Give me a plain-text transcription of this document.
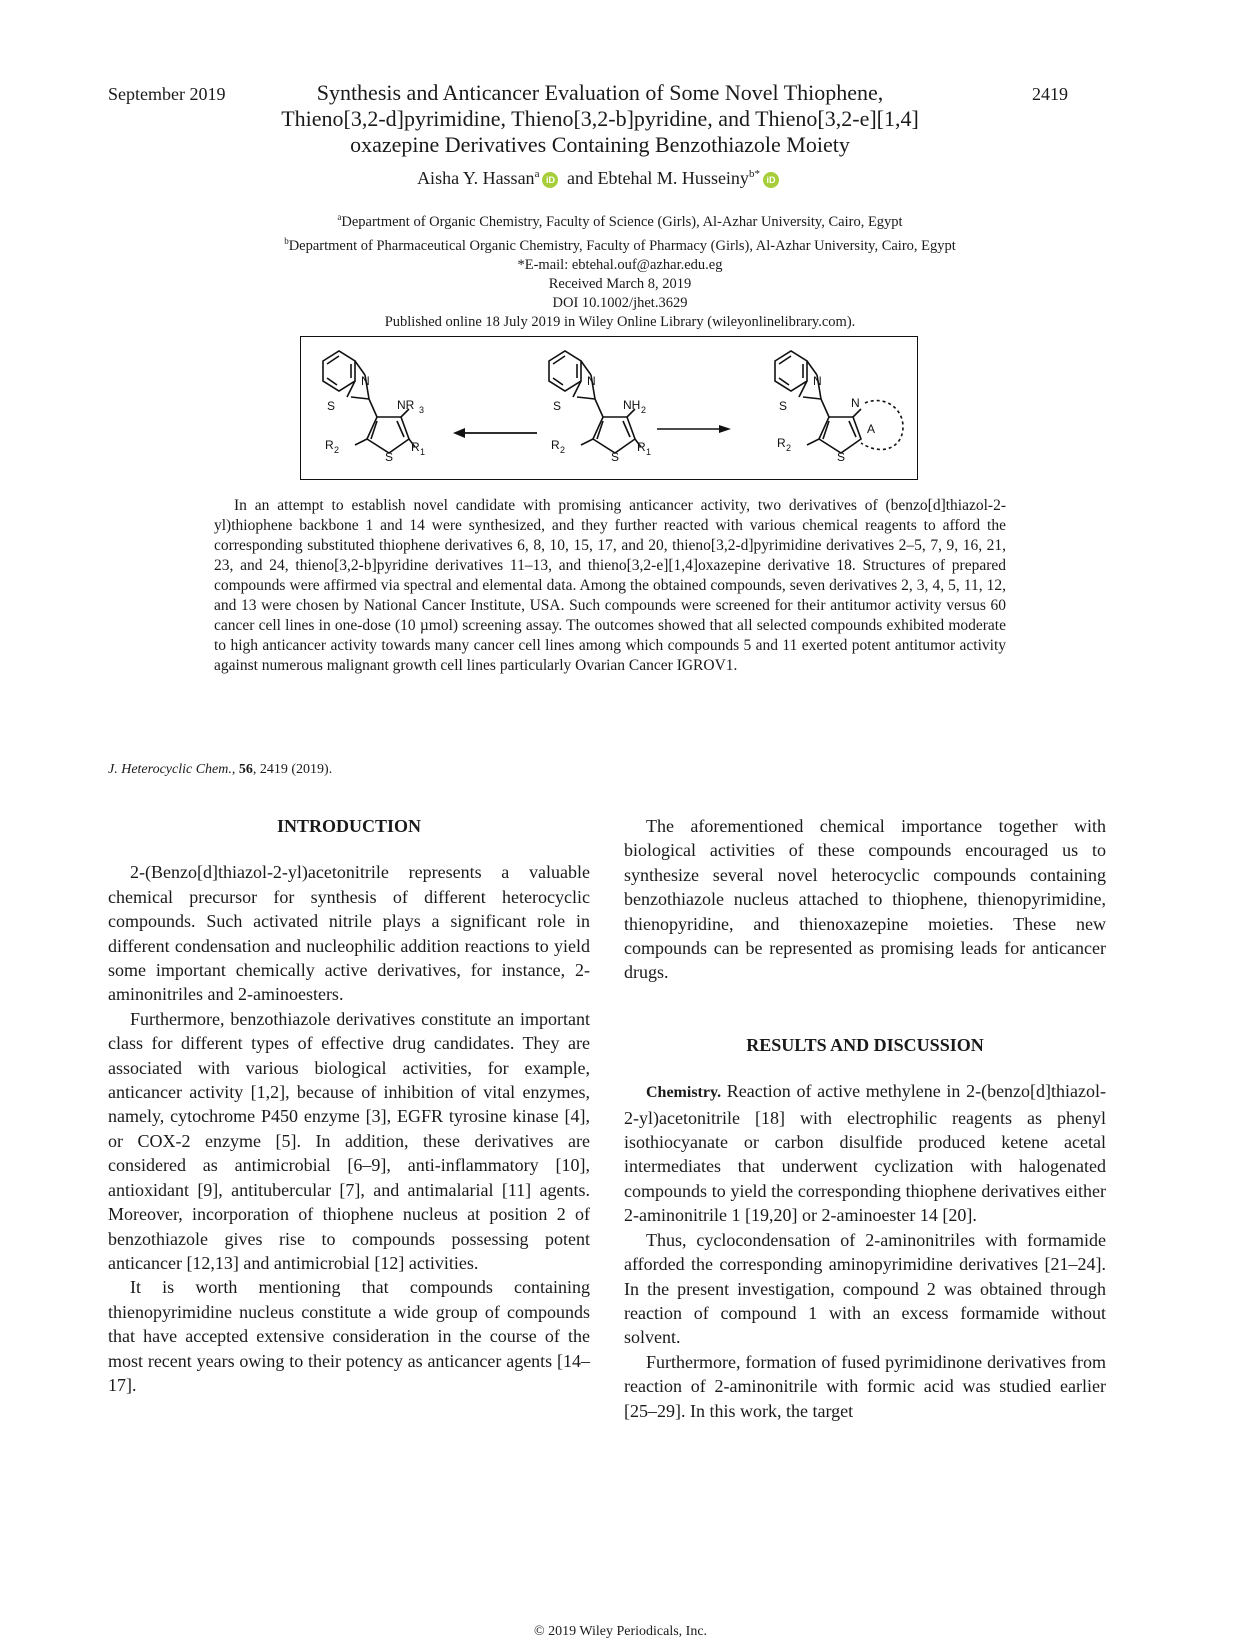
September 2019	2419
Synthesis and Anticancer Evaluation of Some Novel Thiophene,
Thieno[3,2-d]pyrimidine, Thieno[3,2-b]pyridine, and Thieno[3,2-e][1,4]
oxazepine Derivatives Containing Benzothiazole Moiety
Aisha Y. Hassan$^a$ iD and Ebtehal M. Husseiny$^{b*}$ iD
$^a$Department of Organic Chemistry, Faculty of Science (Girls), Al-Azhar University, Cairo, Egypt
$^b$Department of Pharmaceutical Organic Chemistry, Faculty of Pharmacy (Girls), Al-Azhar University, Cairo, Egypt
*E-mail: ebtehal.ouf@azhar.edu.eg
Received March 8, 2019
DOI 10.1002/jhet.3629
Published online 18 July 2019 in Wiley Online Library (wileyonlinelibrary.com).
N
S	NR 3
R 2	S
R 1
N
S	NH 2
R 2	S
R 1
N
S	N
R 2
S
A

In an attempt to establish novel candidate with promising anticancer activity, two derivatives of (benzo[d]thiazol-2-yl)thiophene backbone 1 and 14 were synthesized, and they further reacted with various chemical reagents to afford the corresponding substituted thiophene derivatives 6, 8, 10, 15, 17, and 20, thieno[3,2-d]pyrimidine derivatives 2–5, 7, 9, 16, 21, 23, and 24, thieno[3,2-b]pyridine derivatives 11–13, and thieno[3,2-e][1,4]oxazepine derivative 18. Structures of prepared compounds were affirmed via spectral and elemental data. Among the obtained compounds, seven derivatives 2, 3, 4, 5, 11, 12, and 13 were chosen by National Cancer Institute, USA. Such compounds were screened for their antitumor activity versus 60 cancer cell lines in one-dose (10 µmol) screening assay. The outcomes showed that all selected compounds exhibited moderate to high anticancer activity towards many cancer cell lines among which compounds 5 and 11 exerted potent antitumor activity against numerous malignant growth cell lines particularly Ovarian Cancer IGROV1.

J. Heterocyclic Chem., 56, 2419 (2019).
INTRODUCTION

2-(Benzo[d]thiazol-2-yl)acetonitrile represents a valuable chemical precursor for synthesis of different heterocyclic compounds. Such activated nitrile plays a significant role in different condensation and nucleophilic addition reactions to yield some important chemically active derivatives, for instance, 2-aminonitriles and 2-aminoesters.

Furthermore, benzothiazole derivatives constitute an important class for different types of effective drug candidates. They are associated with various biological activities, for example, anticancer activity [1,2], because of inhibition of vital enzymes, namely, cytochrome P450 enzyme [3], EGFR tyrosine kinase [4], or COX-2 enzyme [5]. In addition, these derivatives are considered as antimicrobial [6–9], anti-inflammatory [10], antioxidant [9], antitubercular [7], and antimalarial [11] agents. Moreover, incorporation of thiophene nucleus at position 2 of benzothiazole gives rise to compounds possessing potent anticancer [12,13] and antimicrobial [12] activities.

It is worth mentioning that compounds containing thienopyrimidine nucleus constitute a wide group of compounds that have accepted extensive consideration in the course of the most recent years owing to their potency as anticancer agents [14–17].

The aforementioned chemical importance together with biological activities of these compounds encouraged us to synthesize several novel heterocyclic compounds containing benzothiazole nucleus attached to thiophene, thienopyrimidine, thienopyridine, and thienoxazepine moieties. These new compounds can be represented as promising leads for anticancer drugs.

RESULTS AND DISCUSSION

Chemistry. Reaction of active methylene in 2-(benzo[d]thiazol-2-yl)acetonitrile [18] with electrophilic reagents as phenyl isothiocyanate or carbon disulfide produced ketene acetal intermediates that underwent cyclization with halogenated compounds to yield the corresponding thiophene derivatives either 2-aminonitrile 1 [19,20] or 2-aminoester 14 [20].

Thus, cyclocondensation of 2-aminonitriles with formamide afforded the corresponding aminopyrimidine derivatives [21–24]. In the present investigation, compound 2 was obtained through reaction of compound 1 with an excess formamide without solvent.

Furthermore, formation of fused pyrimidinone derivatives from reaction of 2-aminonitrile with formic acid was studied earlier [25–29]. In this work, the target

© 2019 Wiley Periodicals, Inc.
